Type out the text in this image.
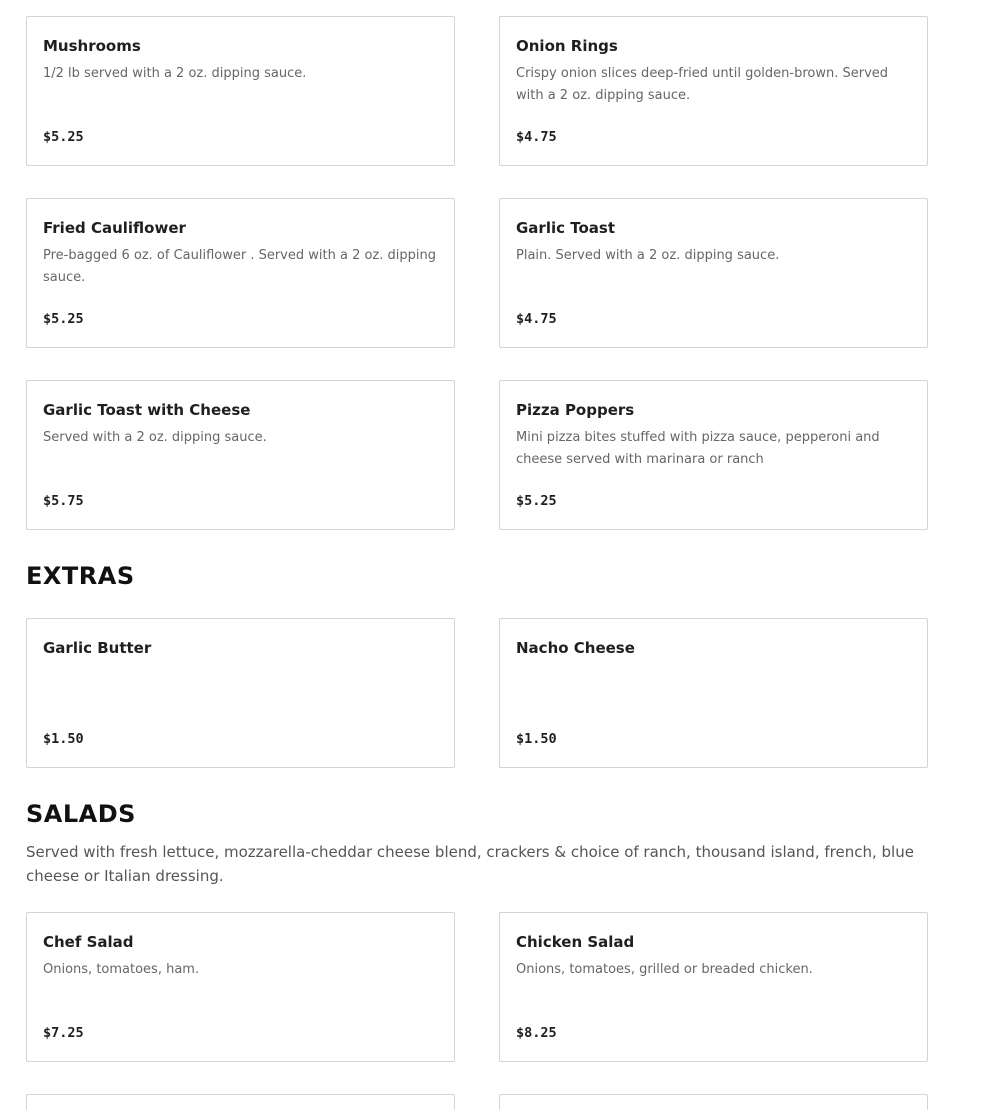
Mushrooms
1/2 lb served with a 2 oz. dipping sauce.
$5.25
Onion Rings
Crispy onion slices deep-fried until golden-brown. Served with a 2 oz. dipping sauce.
$4.75
Fried Cauliflower
Pre-bagged 6 oz. of Cauliflower . Served with a 2 oz. dipping sauce.
$5.25
Garlic Toast
Plain. Served with a 2 oz. dipping sauce.
$4.75
Garlic Toast with Cheese
Served with a 2 oz. dipping sauce.
$5.75
Pizza Poppers
Mini pizza bites stuffed with pizza sauce, pepperoni and cheese served with marinara or ranch
$5.25
EXTRAS
Garlic Butter
$1.50
Nacho Cheese
$1.50
SALADS

Served with fresh lettuce, mozzarella-cheddar cheese blend, crackers & choice of ranch, thousand island, french, blue cheese or Italian dressing.

Chef Salad
Onions, tomatoes, ham.
$7.25
Chicken Salad
Onions, tomatoes, grilled or breaded chicken.
$8.25
